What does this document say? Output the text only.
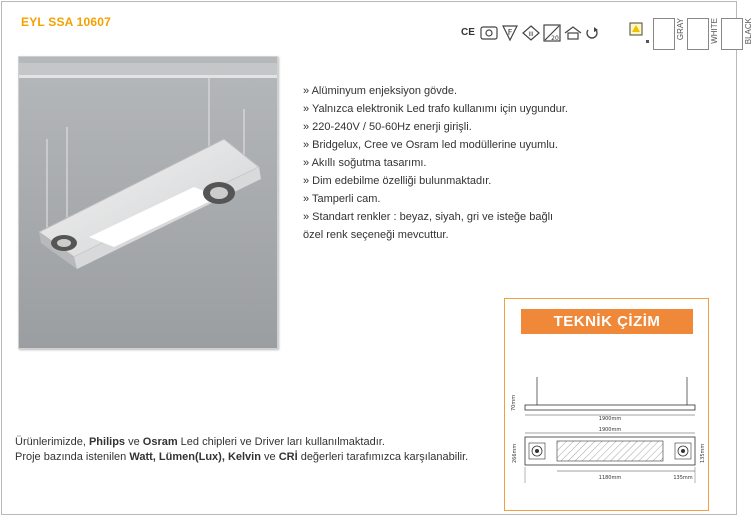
EYL SSA 10607
CE	F	III
20	GRAY	WHITE	BLACK
» Alüminyum enjeksiyon gövde.
» Yalnızca elektronik Led trafo kullanımı için uygundur.
» 220-240V / 50-60Hz enerji girişli.
» Bridgelux, Cree ve Osram led modüllerine uyumlu.
» Akıllı soğutma tasarımı.
» Dim edebilme özelliği bulunmaktadır.
» Tamperli cam.
» Standart renkler : beyaz, siyah, gri ve isteğe bağlı
özel renk seçeneği mevcuttur.
TEKNİK ÇİZİM
1900mm
70mm
1900mm
266mm	135mm
1180mm	135mm
Ürünlerimizde, Philips ve Osram Led chipleri ve Driver ları kullanılmaktadır.
Proje bazında istenilen Watt, Lümen(Lux), Kelvin ve CRİ değerleri tarafımızca karşılanabilir.
